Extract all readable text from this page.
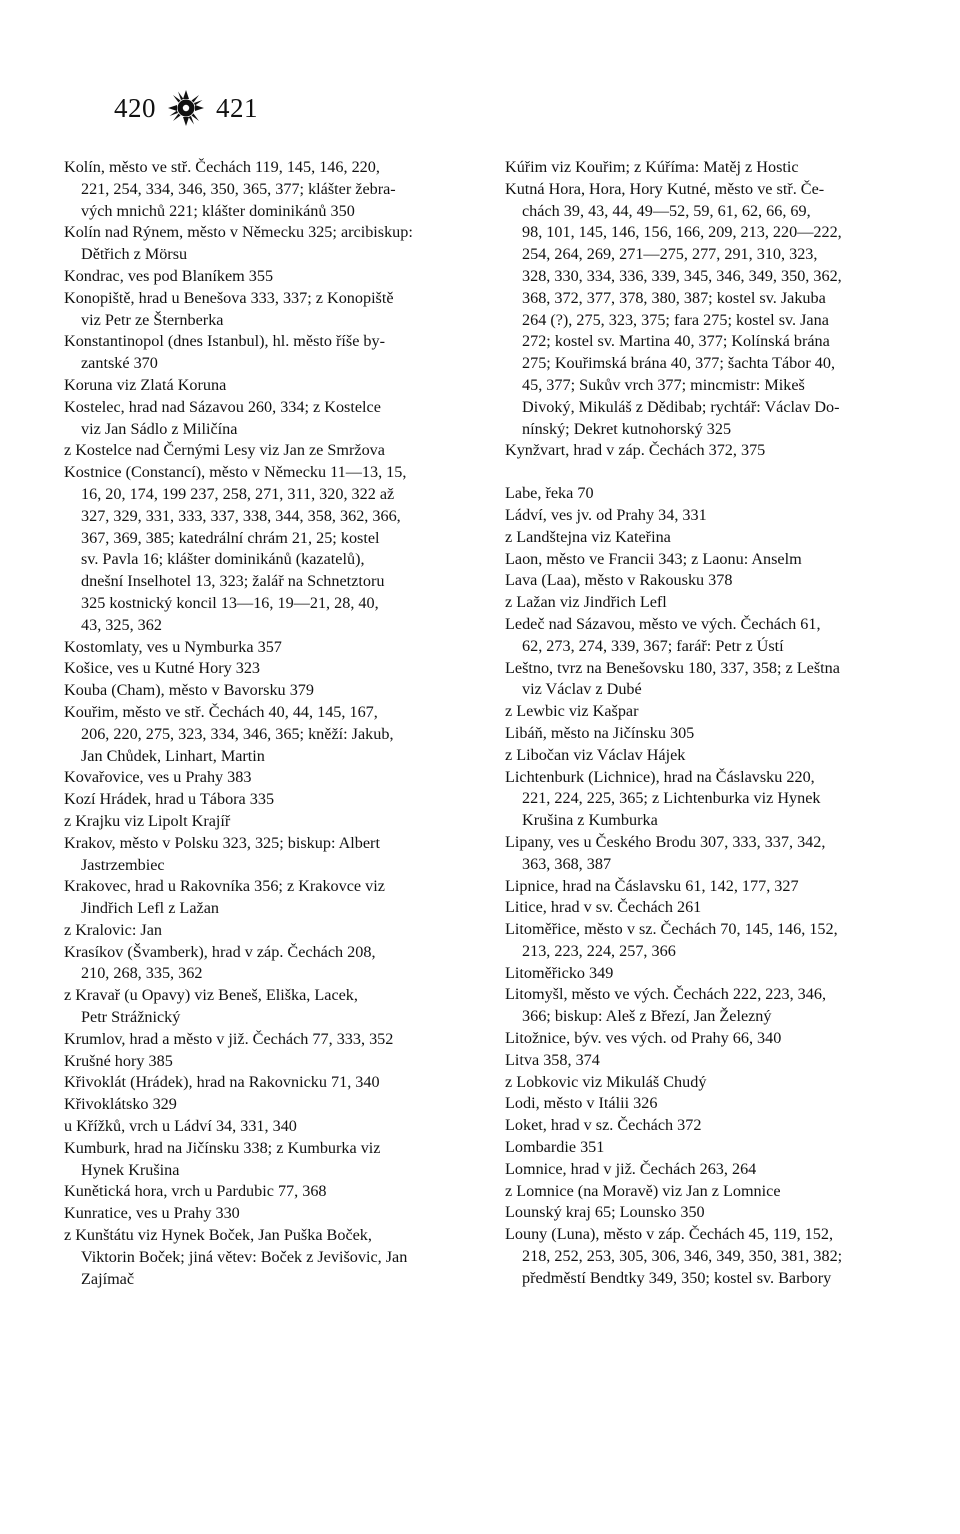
420 421
Kolín, město ve stř. Čechách 119, 145, 146, 220,
221, 254, 334, 346, 350, 365, 377; klášter žebra-
vých mnichů 221; klášter dominikánů 350
Kolín nad Rýnem, město v Německu 325; arcibiskup:
Dětřich z Mörsu
Kondrac, ves pod Blaníkem 355
Konopiště, hrad u Benešova 333, 337; z Konopiště
viz Petr ze Šternberka
Konstantinopol (dnes Istanbul), hl. město říše by-
zantské 370
Koruna viz Zlatá Koruna
Kostelec, hrad nad Sázavou 260, 334; z Kostelce
viz Jan Sádlo z Miličína
z Kostelce nad Černými Lesy viz Jan ze Smržova
Kostnice (Constancí), město v Německu 11—13, 15,
16, 20, 174, 199 237, 258, 271, 311, 320, 322 až
327, 329, 331, 333, 337, 338, 344, 358, 362, 366,
367, 369, 385; katedrální chrám 21, 25; kostel
sv. Pavla 16; klášter dominikánů (kazatelů),
dnešní Inselhotel 13, 323; žalář na Schnetztoru
325 kostnický koncil 13—16, 19—21, 28, 40,
43, 325, 362
Kostomlaty, ves u Nymburka 357
Košice, ves u Kutné Hory 323
Kouba (Cham), město v Bavorsku 379
Kouřim, město ve stř. Čechách 40, 44, 145, 167,
206, 220, 275, 323, 334, 346, 365; kněží: Jakub,
Jan Chůdek, Linhart, Martin
Kovařovice, ves u Prahy 383
Kozí Hrádek, hrad u Tábora 335
z Krajku viz Lipolt Krajíř
Krakov, město v Polsku 323, 325; biskup: Albert
Jastrzembiec
Krakovec, hrad u Rakovníka 356; z Krakovce viz
Jindřich Lefl z Lažan
z Kralovic: Jan
Krasíkov (Švamberk), hrad v záp. Čechách 208,
210, 268, 335, 362
z Kravař (u Opavy) viz Beneš, Eliška, Lacek,
Petr Strážnický
Krumlov, hrad a město v již. Čechách 77, 333, 352
Krušné hory 385
Křivoklát (Hrádek), hrad na Rakovnicku 71, 340
Křivoklátsko 329
u Křížků, vrch u Ládví 34, 331, 340
Kumburk, hrad na Jičínsku 338; z Kumburka viz
Hynek Krušina
Kunětická hora, vrch u Pardubic 77, 368
Kunratice, ves u Prahy 330
z Kunštátu viz Hynek Boček, Jan Puška Boček,
Viktorin Boček; jiná větev: Boček z Jevišovic, Jan
Zajímač
Kúřim viz Kouřim; z Kúříma: Matěj z Hostic
Kutná Hora, Hora, Hory Kutné, město ve stř. Če-
chách 39, 43, 44, 49—52, 59, 61, 62, 66, 69,
98, 101, 145, 146, 156, 166, 209, 213, 220—222,
254, 264, 269, 271—275, 277, 291, 310, 323,
328, 330, 334, 336, 339, 345, 346, 349, 350, 362,
368, 372, 377, 378, 380, 387; kostel sv. Jakuba
264 (?), 275, 323, 375; fara 275; kostel sv. Jana
272; kostel sv. Martina 40, 377; Kolínská brána
275; Kouřimská brána 40, 377; šachta Tábor 40,
45, 377; Sukův vrch 377; mincmistr: Mikeš
Divoký, Mikuláš z Dědibab; rychtář: Václav Do-
nínský; Dekret kutnohorský 325
Kynžvart, hrad v záp. Čechách 372, 375
Labe, řeka 70
Ládví, ves jv. od Prahy 34, 331
z Landštejna viz Kateřina
Laon, město ve Francii 343; z Laonu: Anselm
Lava (Laa), město v Rakousku 378
z Lažan viz Jindřich Lefl
Ledeč nad Sázavou, město ve vých. Čechách 61,
62, 273, 274, 339, 367; farář: Petr z Ústí
Leštno, tvrz na Benešovsku 180, 337, 358; z Leštna
viz Václav z Dubé
z Lewbic viz Kašpar
Libáň, město na Jičínsku 305
z Libočan viz Václav Hájek
Lichtenburk (Lichnice), hrad na Čáslavsku 220,
221, 224, 225, 365; z Lichtenburka viz Hynek
Krušina z Kumburka
Lipany, ves u Českého Brodu 307, 333, 337, 342,
363, 368, 387
Lipnice, hrad na Čáslavsku 61, 142, 177, 327
Litice, hrad v sv. Čechách 261
Litoměřice, město v sz. Čechách 70, 145, 146, 152,
213, 223, 224, 257, 366
Litoměřicko 349
Litomyšl, město ve vých. Čechách 222, 223, 346,
366; biskup: Aleš z Březí, Jan Železný
Litožnice, býv. ves vých. od Prahy 66, 340
Litva 358, 374
z Lobkovic viz Mikuláš Chudý
Lodi, město v Itálii 326
Loket, hrad v sz. Čechách 372
Lombardie 351
Lomnice, hrad v již. Čechách 263, 264
z Lomnice (na Moravě) viz Jan z Lomnice
Lounský kraj 65; Lounsko 350
Louny (Luna), město v záp. Čechách 45, 119, 152,
218, 252, 253, 305, 306, 346, 349, 350, 381, 382;
předměstí Bendtky 349, 350; kostel sv. Barbory
